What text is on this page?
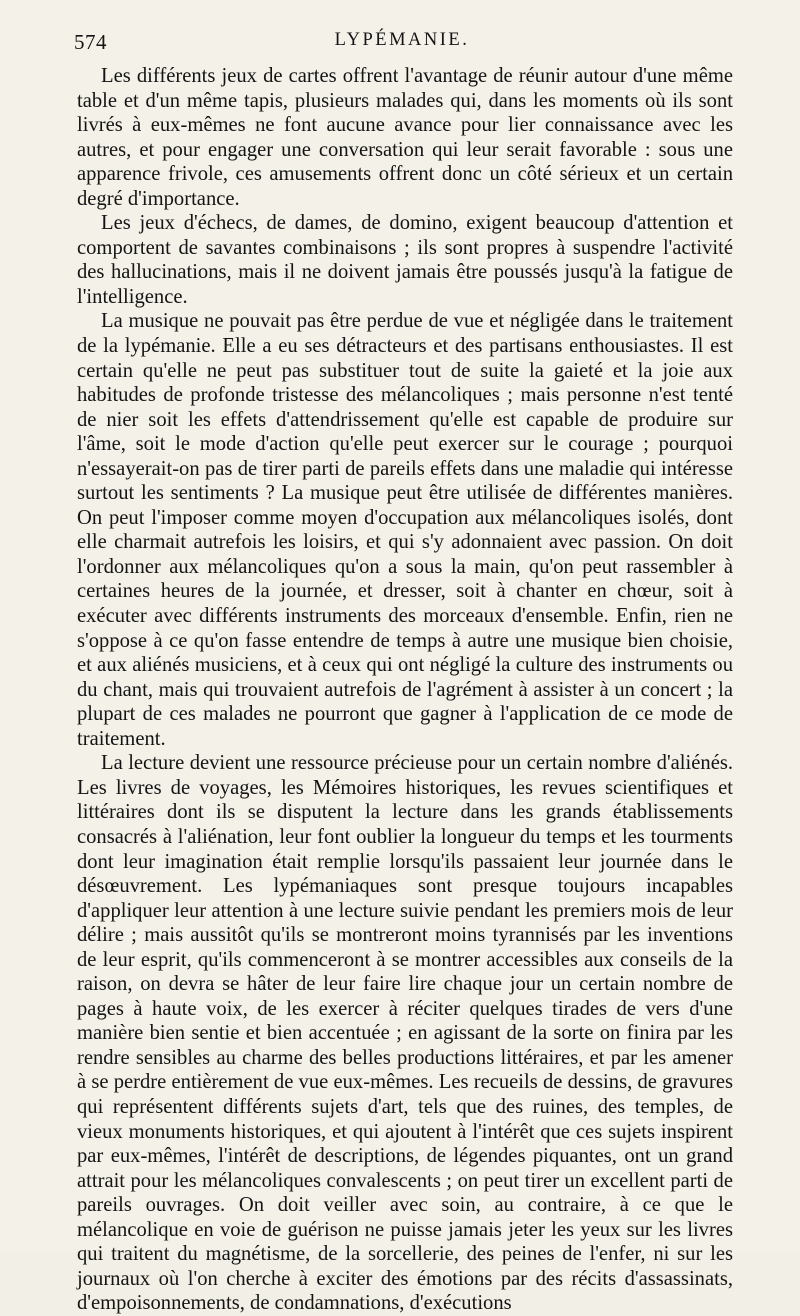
574	LYPÉMANIE.

Les différents jeux de cartes offrent l'avantage de réunir autour d'une même table et d'un même tapis, plusieurs malades qui, dans les moments où ils sont livrés à eux-mêmes ne font aucune avance pour lier connaissance avec les autres, et pour engager une conversation qui leur serait favorable : sous une apparence frivole, ces amusements offrent donc un côté sérieux et un certain degré d'importance.

Les jeux d'échecs, de dames, de domino, exigent beaucoup d'attention et comportent de savantes combinaisons ; ils sont propres à suspendre l'activité des hallucinations, mais il ne doivent jamais être poussés jusqu'à la fatigue de l'intelligence.

La musique ne pouvait pas être perdue de vue et négligée dans le traitement de la lypémanie. Elle a eu ses détracteurs et des partisans enthousiastes. Il est certain qu'elle ne peut pas substituer tout de suite la gaieté et la joie aux habitudes de profonde tristesse des mélancoliques ; mais personne n'est tenté de nier soit les effets d'attendrissement qu'elle est capable de produire sur l'âme, soit le mode d'action qu'elle peut exercer sur le courage ; pourquoi n'essayerait-on pas de tirer parti de pareils effets dans une maladie qui intéresse surtout les sentiments ? La musique peut être utilisée de différentes manières. On peut l'imposer comme moyen d'occupation aux mélancoliques isolés, dont elle charmait autrefois les loisirs, et qui s'y adonnaient avec passion. On doit l'ordonner aux mélancoliques qu'on a sous la main, qu'on peut rassembler à certaines heures de la journée, et dresser, soit à chanter en chœur, soit à exécuter avec différents instruments des morceaux d'ensemble. Enfin, rien ne s'oppose à ce qu'on fasse entendre de temps à autre une musique bien choisie, et aux aliénés musiciens, et à ceux qui ont négligé la culture des instruments ou du chant, mais qui trouvaient autrefois de l'agrément à assister à un concert ; la plupart de ces malades ne pourront que gagner à l'application de ce mode de traitement.

La lecture devient une ressource précieuse pour un certain nombre d'aliénés. Les livres de voyages, les Mémoires historiques, les revues scientifiques et littéraires dont ils se disputent la lecture dans les grands établissements consacrés à l'aliénation, leur font oublier la longueur du temps et les tourments dont leur imagination était remplie lorsqu'ils passaient leur journée dans le désœuvrement. Les lypémaniaques sont presque toujours incapables d'appliquer leur attention à une lecture suivie pendant les premiers mois de leur délire ; mais aussitôt qu'ils se montreront moins tyrannisés par les inventions de leur esprit, qu'ils commenceront à se montrer accessibles aux conseils de la raison, on devra se hâter de leur faire lire chaque jour un certain nombre de pages à haute voix, de les exercer à réciter quelques tirades de vers d'une manière bien sentie et bien accentuée ; en agissant de la sorte on finira par les rendre sensibles au charme des belles productions littéraires, et par les amener à se perdre entièrement de vue eux-mêmes. Les recueils de dessins, de gravures qui représentent différents sujets d'art, tels que des ruines, des temples, de vieux monuments historiques, et qui ajoutent à l'intérêt que ces sujets inspirent par eux-mêmes, l'intérêt de descriptions, de légendes piquantes, ont un grand attrait pour les mélancoliques convalescents ; on peut tirer un excellent parti de pareils ouvrages. On doit veiller avec soin, au contraire, à ce que le mélancolique en voie de guérison ne puisse jamais jeter les yeux sur les livres qui traitent du magnétisme, de la sorcellerie, des peines de l'enfer, ni sur les journaux où l'on cherche à exciter des émotions par des récits d'assassinats, d'empoisonnements, de condamnations, d'exécutions
